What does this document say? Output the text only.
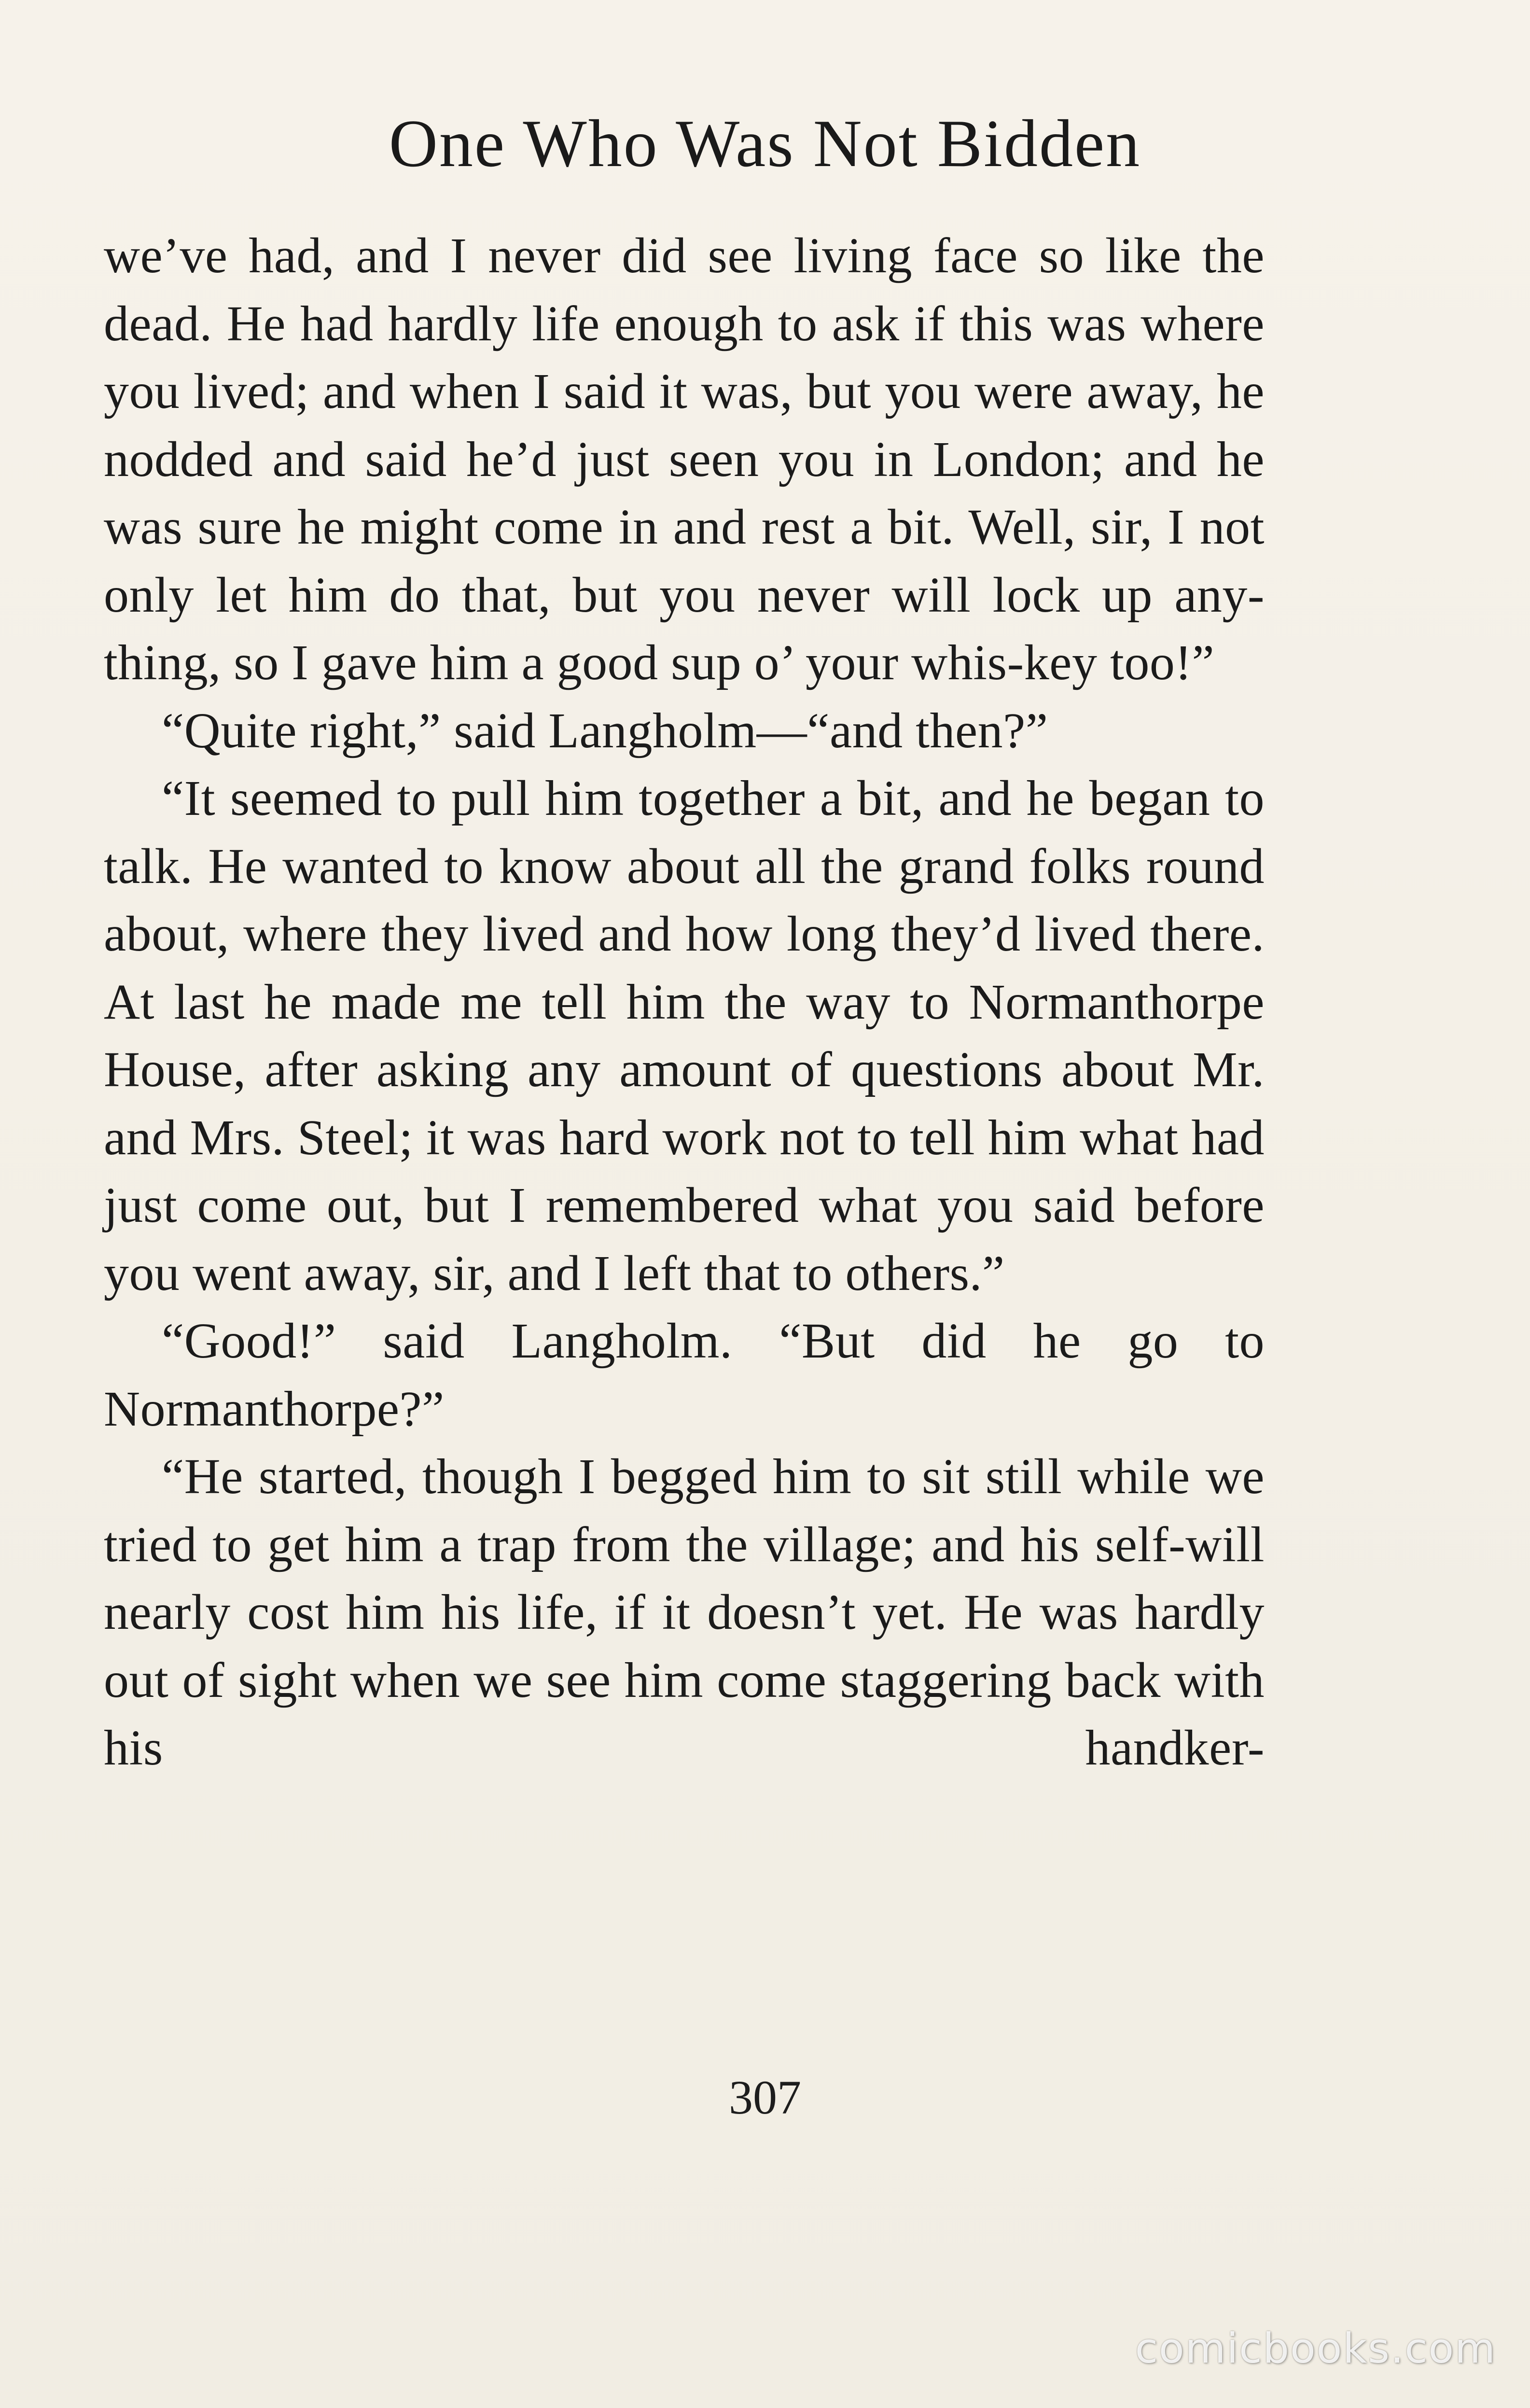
One Who Was Not Bidden

we’ve had, and I never did see living face so like the dead. He had hardly life enough to ask if this was where you lived; and when I said it was, but you were away, he nodded and said he’d just seen you in London; and he was sure he might come in and rest a bit. Well, sir, I not only let him do that, but you never will lock up any-thing, so I gave him a good sup o’ your whis-key too!”

“Quite right,” said Langholm—“and then?”

“It seemed to pull him together a bit, and he began to talk. He wanted to know about all the grand folks round about, where they lived and how long they’d lived there. At last he made me tell him the way to Normanthorpe House, after asking any amount of questions about Mr. and Mrs. Steel; it was hard work not to tell him what had just come out, but I remembered what you said before you went away, sir, and I left that to others.”

“Good!” said Langholm. “But did he go to Normanthorpe?”

“He started, though I begged him to sit still while we tried to get him a trap from the village; and his self-will nearly cost him his life, if it doesn’t yet. He was hardly out of sight when we see him come staggering back with his handker-

307
comicbooks.com
